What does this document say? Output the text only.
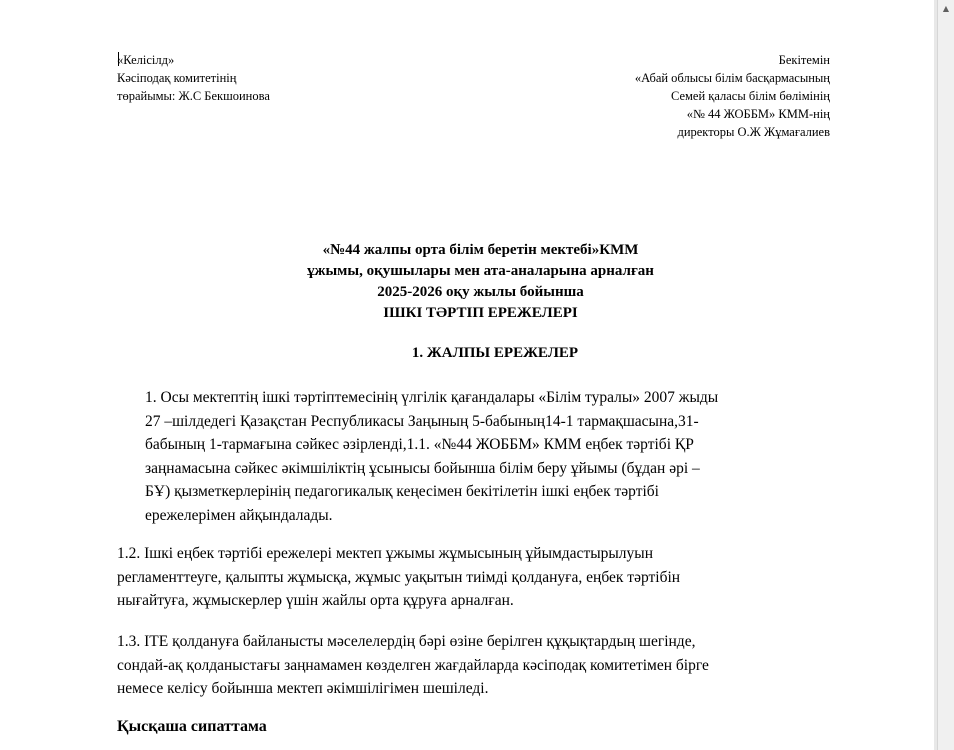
«Келісілд»
Кәсіподақ комитетінің
төрайымы: Ж.С Бекшоинова
Бекітемін
«Абай облысы білім басқармасының
Семей қаласы білім бөлімінің
«№ 44 ЖОББМ» КММ-нің
директоры О.Ж Жұмағалиев
«№44 жалпы орта білім беретін мектебі»КММ
ұжымы, оқушылары мен ата-аналарына арналған
2025-2026 оқу жылы бойынша
ІШКІ ТӘРТІП ЕРЕЖЕЛЕРІ
1. ЖАЛПЫ ЕРЕЖЕЛЕР
1. Осы мектептің ішкі тәртіптемесінің үлгілік қағандалары «Білім туралы» 2007 жыды
27 –шілдедегі Қазақстан Республикасы Заңының 5-бабының14-1 тармақшасына,31-
бабының 1-тармағына сәйкес әзірленді,1.1. «№44 ЖОББМ» КММ еңбек тәртібі ҚР
заңнамасына сәйкес әкімшіліктің ұсынысы бойынша білім беру ұйымы (бұдан әрі –
БҰ) қызметкерлерінің педагогикалық кеңесімен бекітілетін ішкі еңбек тәртібі
ережелерімен айқындалады.
1.2. Ішкі еңбек тәртібі ережелері мектеп ұжымы жұмысының ұйымдастырылуын
регламенттеуге, қалыпты жұмысқа, жұмыс уақытын тиімді қолдануға, еңбек тәртібін
нығайтуға, жұмыскерлер үшін жайлы орта құруға арналған.
1.3. ІТЕ қолдануға байланысты мәселелердің бәрі өзіне берілген құқықтардың шегінде,
сондай-ақ қолданыстағы заңнамамен көзделген жағдайларда кәсіподақ комитетімен бірге
немесе келісу бойынша мектеп әкімшілігімен шешіледі.
Қысқаша сипаттама
▲
